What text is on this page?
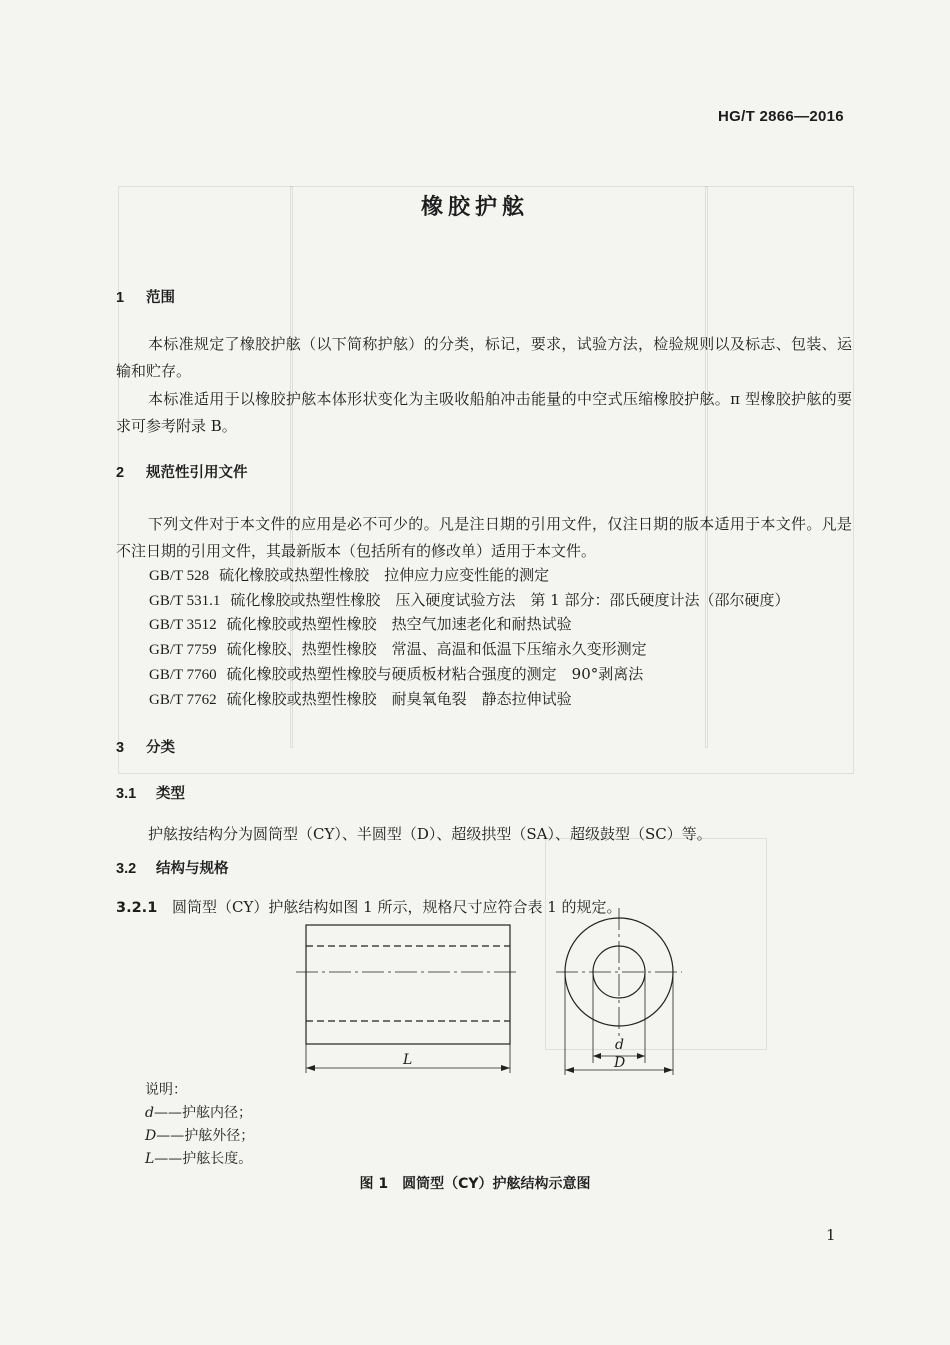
HG/T 2866—2016
橡胶护舷
1 范围
本标准规定了橡胶护舷（以下简称护舷）的分类，标记，要求，试验方法，检验规则以及标志、包装、运输和贮存。
本标准适用于以橡胶护舷本体形状变化为主吸收船舶冲击能量的中空式压缩橡胶护舷。π 型橡胶护舷的要求可参考附录 B。
2 规范性引用文件
下列文件对于本文件的应用是必不可少的。凡是注日期的引用文件，仅注日期的版本适用于本文件。凡是不注日期的引用文件，其最新版本（包括所有的修改单）适用于本文件。
GB/T 528 硫化橡胶或热塑性橡胶　拉伸应力应变性能的测定
GB/T 531.1 硫化橡胶或热塑性橡胶　压入硬度试验方法　第 1 部分：邵氏硬度计法（邵尔硬度）
GB/T 3512 硫化橡胶或热塑性橡胶　热空气加速老化和耐热试验
GB/T 7759 硫化橡胶、热塑性橡胶　常温、高温和低温下压缩永久变形测定
GB/T 7760 硫化橡胶或热塑性橡胶与硬质板材粘合强度的测定　90°剥离法
GB/T 7762 硫化橡胶或热塑性橡胶　耐臭氧龟裂　静态拉伸试验
3 分类
3.1 类型
护舷按结构分为圆筒型（CY）、半圆型（D）、超级拱型（SA）、超级鼓型（SC）等。
3.2 结构与规格
3.2.1 圆筒型（CY）护舷结构如图 1 所示，规格尺寸应符合表 1 的规定。
L
d
D
说明：
d——护舷内径；
D——护舷外径；
L——护舷长度。
图 1　圆筒型（CY）护舷结构示意图
1
